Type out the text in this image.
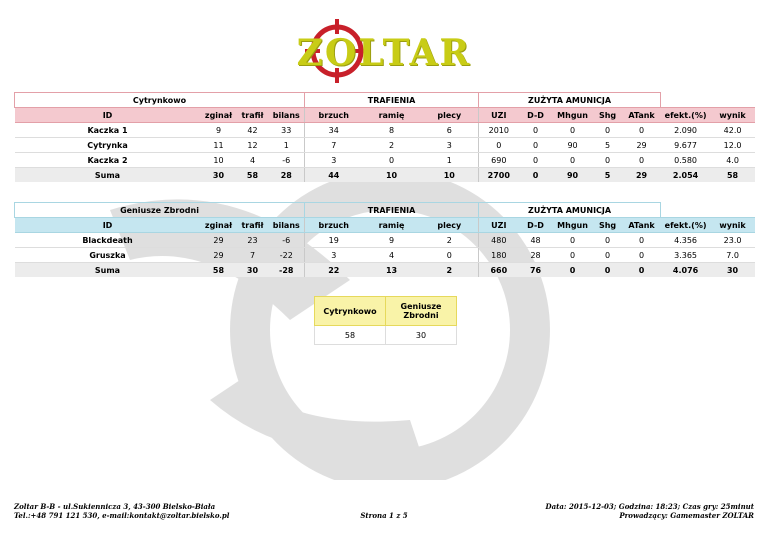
ZOLTAR
Cytrynkowo				TRAFIENIA			ZUŻYTA AMUNICJA						
ID	zginał	trafił	bilans	brzuch	ramię	plecy	UZI	D-D	Mhgun	Shg	ATank	efekt.(%)	wynik
Kaczka 1	9	42	33	34	8	6	2010	0	0	0	0	2.090	42.0
Cytrynka	11	12	1	7	2	3	0	0	90	5	29	9.677	12.0
Kaczka 2	10	4	-6	3	0	1	690	0	0	0	0	0.580	4.0
Suma	30	58	28	44	10	10	2700	0	90	5	29	2.054	58
Geniusze Zbrodni				TRAFIENIA			ZUŻYTA AMUNICJA						
ID	zginał	trafił	bilans	brzuch	ramię	plecy	UZI	D-D	Mhgun	Shg	ATank	efekt.(%)	wynik
Blackdeath	29	23	-6	19	9	2	480	48	0	0	0	4.356	23.0
Gruszka	29	7	-22	3	4	0	180	28	0	0	0	3.365	7.0
Suma	58	30	-28	22	13	2	660	76	0	0	0	4.076	30
Cytrynkowo	Geniusze Zbrodni
58	30
Zoltar B-B - ul.Sukiennicza 3, 43-300 Bielsko-Biała
Tel.:+48 791 121 530, e-mail:kontakt@zoltar.bielsko.pl	Strona 1 z 5
Data: 2015-12-03; Godzina: 18:23; Czas gry: 25minut
Prowadzący: Gamemaster ZOLTAR
